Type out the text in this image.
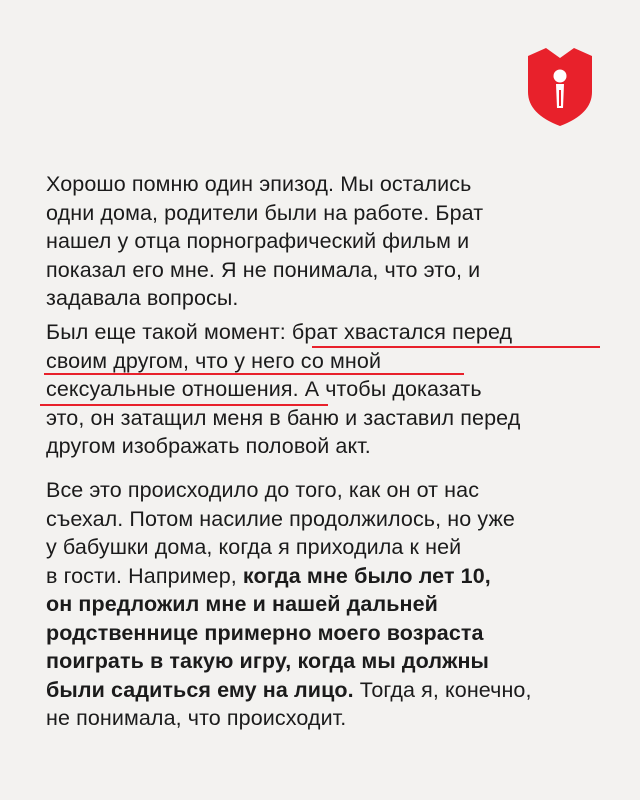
Хорошо помню один эпизод. Мы остались
одни дома, родители были на работе. Брат
нашел у отца порнографический фильм и
показал его мне. Я не понимала, что это, и
задавала вопросы.
Был еще такой момент: брат хвастался перед
своим другом, что у него со мной
сексуальные отношения. А чтобы доказать
это, он затащил меня в баню и заставил перед
другом изображать половой акт.
Все это происходило до того, как он от нас
съехал. Потом насилие продолжилось, но уже
у бабушки дома, когда я приходила к ней
в гости. Например, когда мне было лет 10,
он предложил мне и нашей дальней
родственнице примерно моего возраста
поиграть в такую игру, когда мы должны
были садиться ему на лицо. Тогда я, конечно,
не понимала, что происходит.
